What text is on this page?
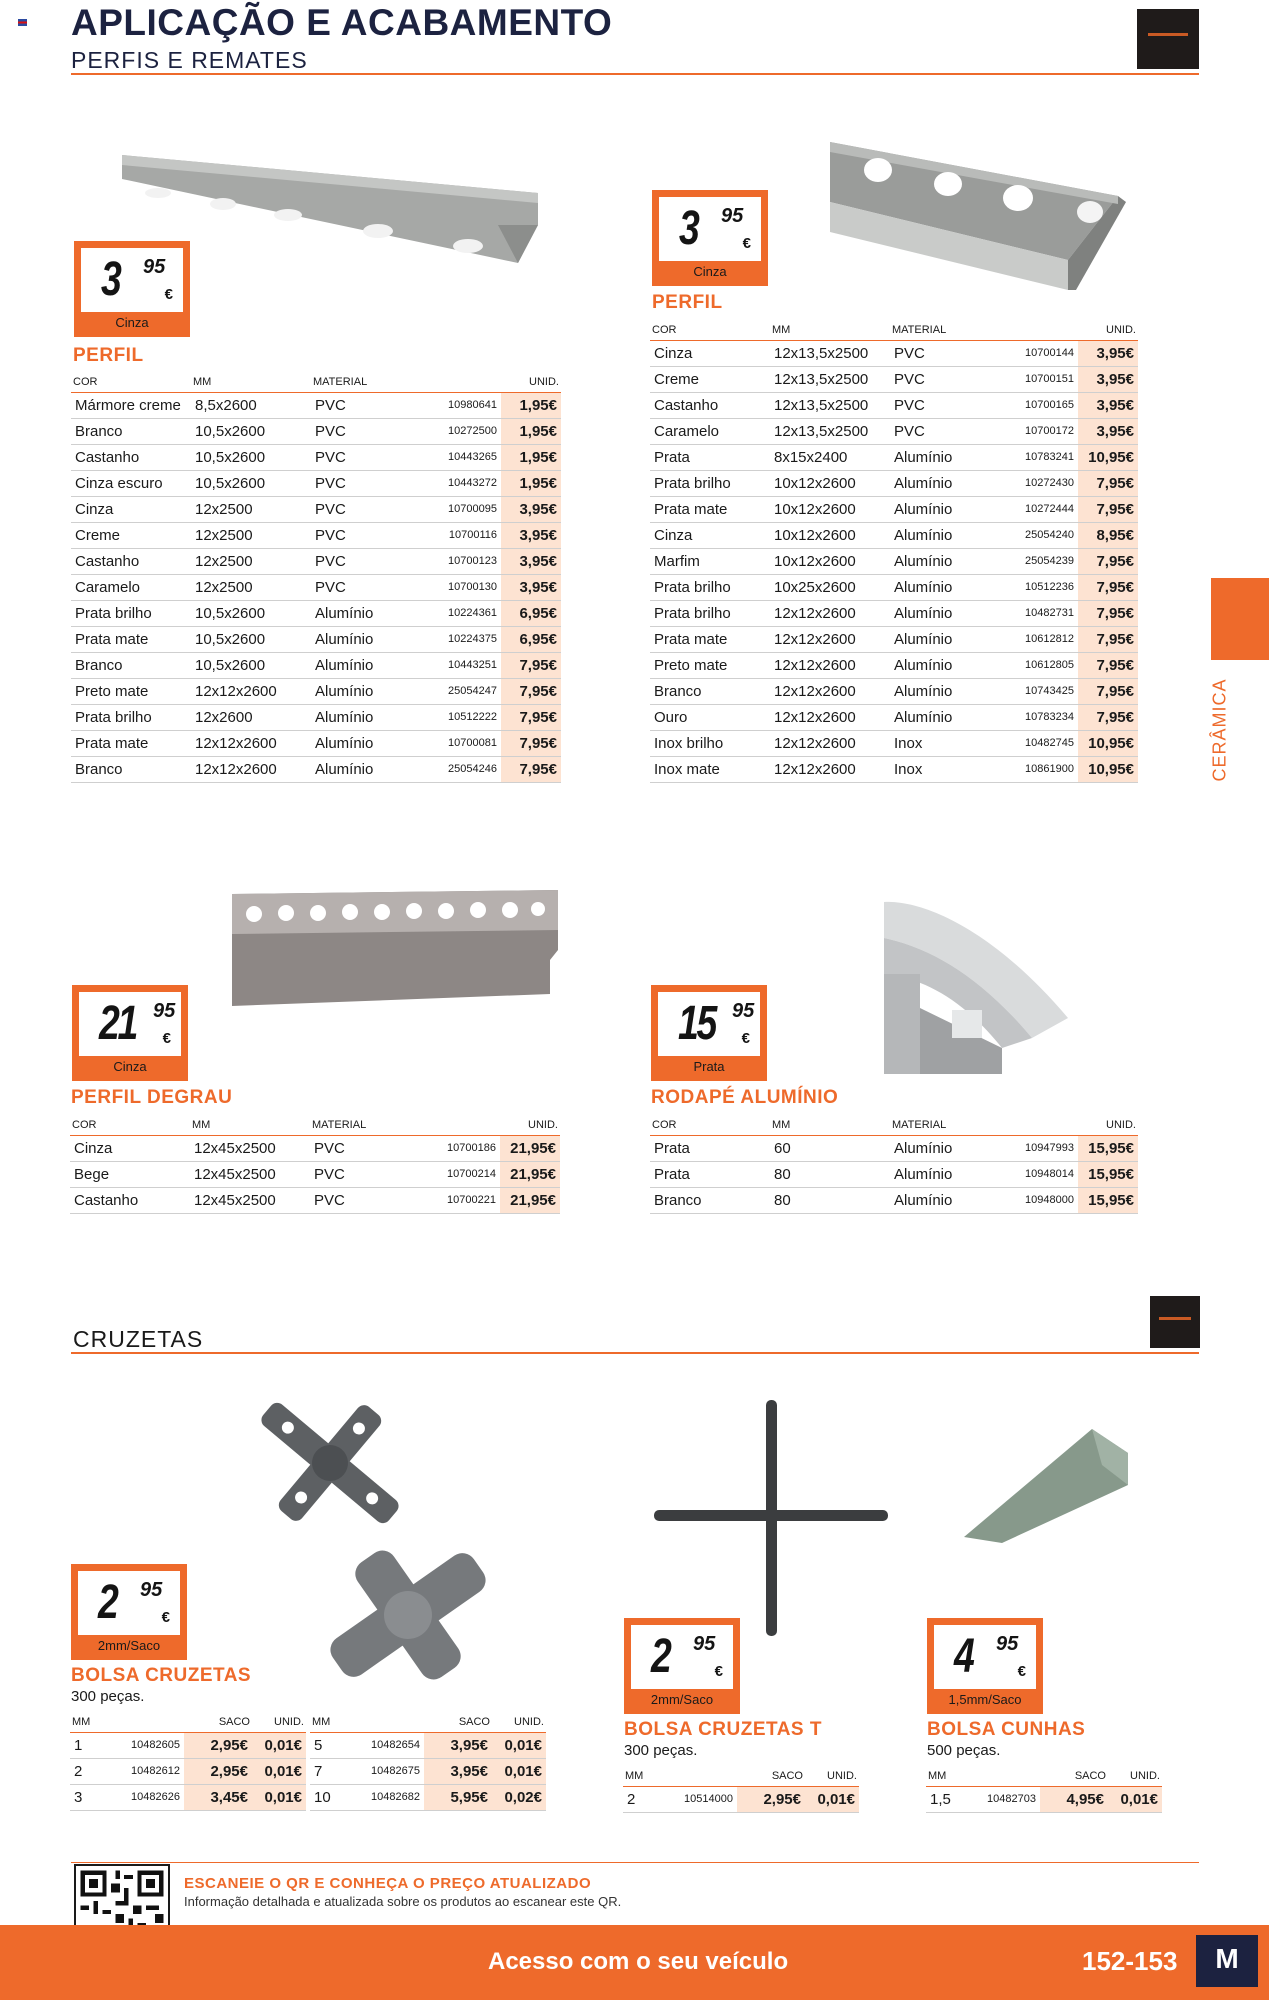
APLICAÇÃO E ACABAMENTO
PERFIS E REMATES
CERÂMICA
3 95
€
Cinza
PERFIL
COR	MM	MATERIAL		UNID.
Mármore creme	8,5x2600	PVC	10980641	1,95€
Branco	10,5x2600	PVC	10272500	1,95€
Castanho	10,5x2600	PVC	10443265	1,95€
Cinza escuro	10,5x2600	PVC	10443272	1,95€
Cinza	12x2500	PVC	10700095	3,95€
Creme	12x2500	PVC	10700116	3,95€
Castanho	12x2500	PVC	10700123	3,95€
Caramelo	12x2500	PVC	10700130	3,95€
Prata brilho	10,5x2600	Alumínio	10224361	6,95€
Prata mate	10,5x2600	Alumínio	10224375	6,95€
Branco	10,5x2600	Alumínio	10443251	7,95€
Preto mate	12x12x2600	Alumínio	25054247	7,95€
Prata brilho	12x2600	Alumínio	10512222	7,95€
Prata mate	12x12x2600	Alumínio	10700081	7,95€
Branco	12x12x2600	Alumínio	25054246	7,95€
3 95
€
Cinza
PERFIL
COR	MM	MATERIAL		UNID.
Cinza	12x13,5x2500	PVC	10700144	3,95€
Creme	12x13,5x2500	PVC	10700151	3,95€
Castanho	12x13,5x2500	PVC	10700165	3,95€
Caramelo	12x13,5x2500	PVC	10700172	3,95€
Prata	8x15x2400	Alumínio	10783241	10,95€
Prata brilho	10x12x2600	Alumínio	10272430	7,95€
Prata mate	10x12x2600	Alumínio	10272444	7,95€
Cinza	10x12x2600	Alumínio	25054240	8,95€
Marfim	10x12x2600	Alumínio	25054239	7,95€
Prata brilho	10x25x2600	Alumínio	10512236	7,95€
Prata brilho	12x12x2600	Alumínio	10482731	7,95€
Prata mate	12x12x2600	Alumínio	10612812	7,95€
Preto mate	12x12x2600	Alumínio	10612805	7,95€
Branco	12x12x2600	Alumínio	10743425	7,95€
Ouro	12x12x2600	Alumínio	10783234	7,95€
Inox brilho	12x12x2600	Inox	10482745	10,95€
Inox mate	12x12x2600	Inox	10861900	10,95€
21 95
€
Cinza
PERFIL DEGRAU
COR	MM	MATERIAL		UNID.
Cinza	12x45x2500	PVC	10700186	21,95€
Bege	12x45x2500	PVC	10700214	21,95€
Castanho	12x45x2500	PVC	10700221	21,95€
15 95
€
Prata
RODAPÉ ALUMÍNIO
COR	MM	MATERIAL		UNID.
Prata	60	Alumínio	10947993	15,95€
Prata	80	Alumínio	10948014	15,95€
Branco	80	Alumínio	10948000	15,95€
CRUZETAS
2 95
€
2mm/Saco
BOLSA CRUZETAS
300 peças.
MM		SACO	UNID.
1	10482605	2,95€	0,01€
2	10482612	2,95€	0,01€
3	10482626	3,45€	0,01€
MM		SACO	UNID.
5	10482654	3,95€	0,01€
7	10482675	3,95€	0,01€
10	10482682	5,95€	0,02€
2 95
€
2mm/Saco
BOLSA CRUZETAS T
300 peças.
MM		SACO	UNID.
2	10514000	2,95€	0,01€
4 95
€
1,5mm/Saco
BOLSA CUNHAS
500 peças.
MM		SACO	UNID.
1,5	10482703	4,95€	0,01€
ESCANEIE O QR E CONHEÇA O PREÇO ATUALIZADO
Informação detalhada e atualizada sobre os produtos ao escanear este QR.
Acesso com o seu veículo	152-153	M
